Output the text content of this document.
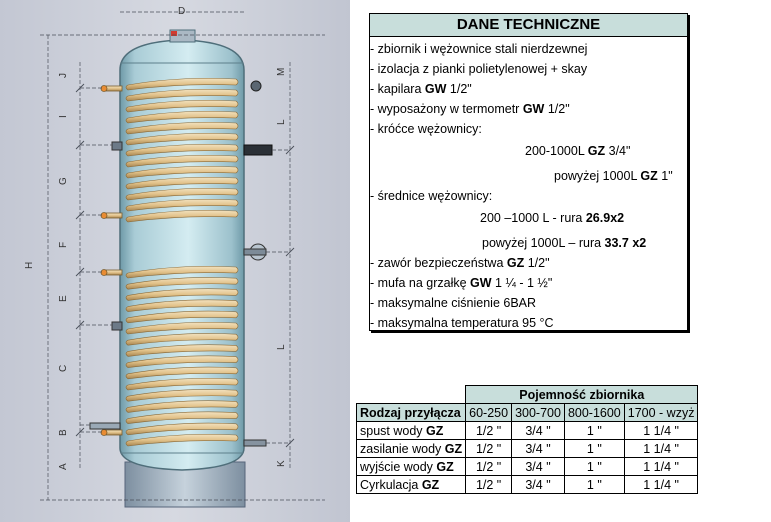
D
H
J
I
G
F
E
C
B
A
M
L
L
K
DANE TECHNICZNE
- zbiornik i wężownice stali nierdzewnej
- izolacja z pianki polietylenowej + skay
- kapilara GW 1/2"
- wyposażony w termometr GW 1/2"
- króćce wężownicy:
200-1000L GZ 3/4"
powyżej 1000L GZ 1"
- średnice wężownicy:
200 –1000 L - rura 26.9x2
powyżej 1000L – rura 33.7 x2
- zawór bezpieczeństwa GZ 1/2"
- mufa na grzałkę GW 1 ¼ - 1 ½"
- maksymalne ciśnienie 6BAR
- maksymalna temperatura 95 °C
	Pojemność zbiornika			
Rodzaj przyłącza	60-250	300-700	800-1600	1700 - wzyż
spust wody GZ	1/2 "	3/4 "	1 "	1 1/4 "
zasilanie wody GZ	1/2 "	3/4 "	1 "	1 1/4 "
wyjście wody GZ	1/2 "	3/4 "	1 "	1 1/4 "
Cyrkulacja GZ	1/2 "	3/4 "	1 "	1 1/4 "
